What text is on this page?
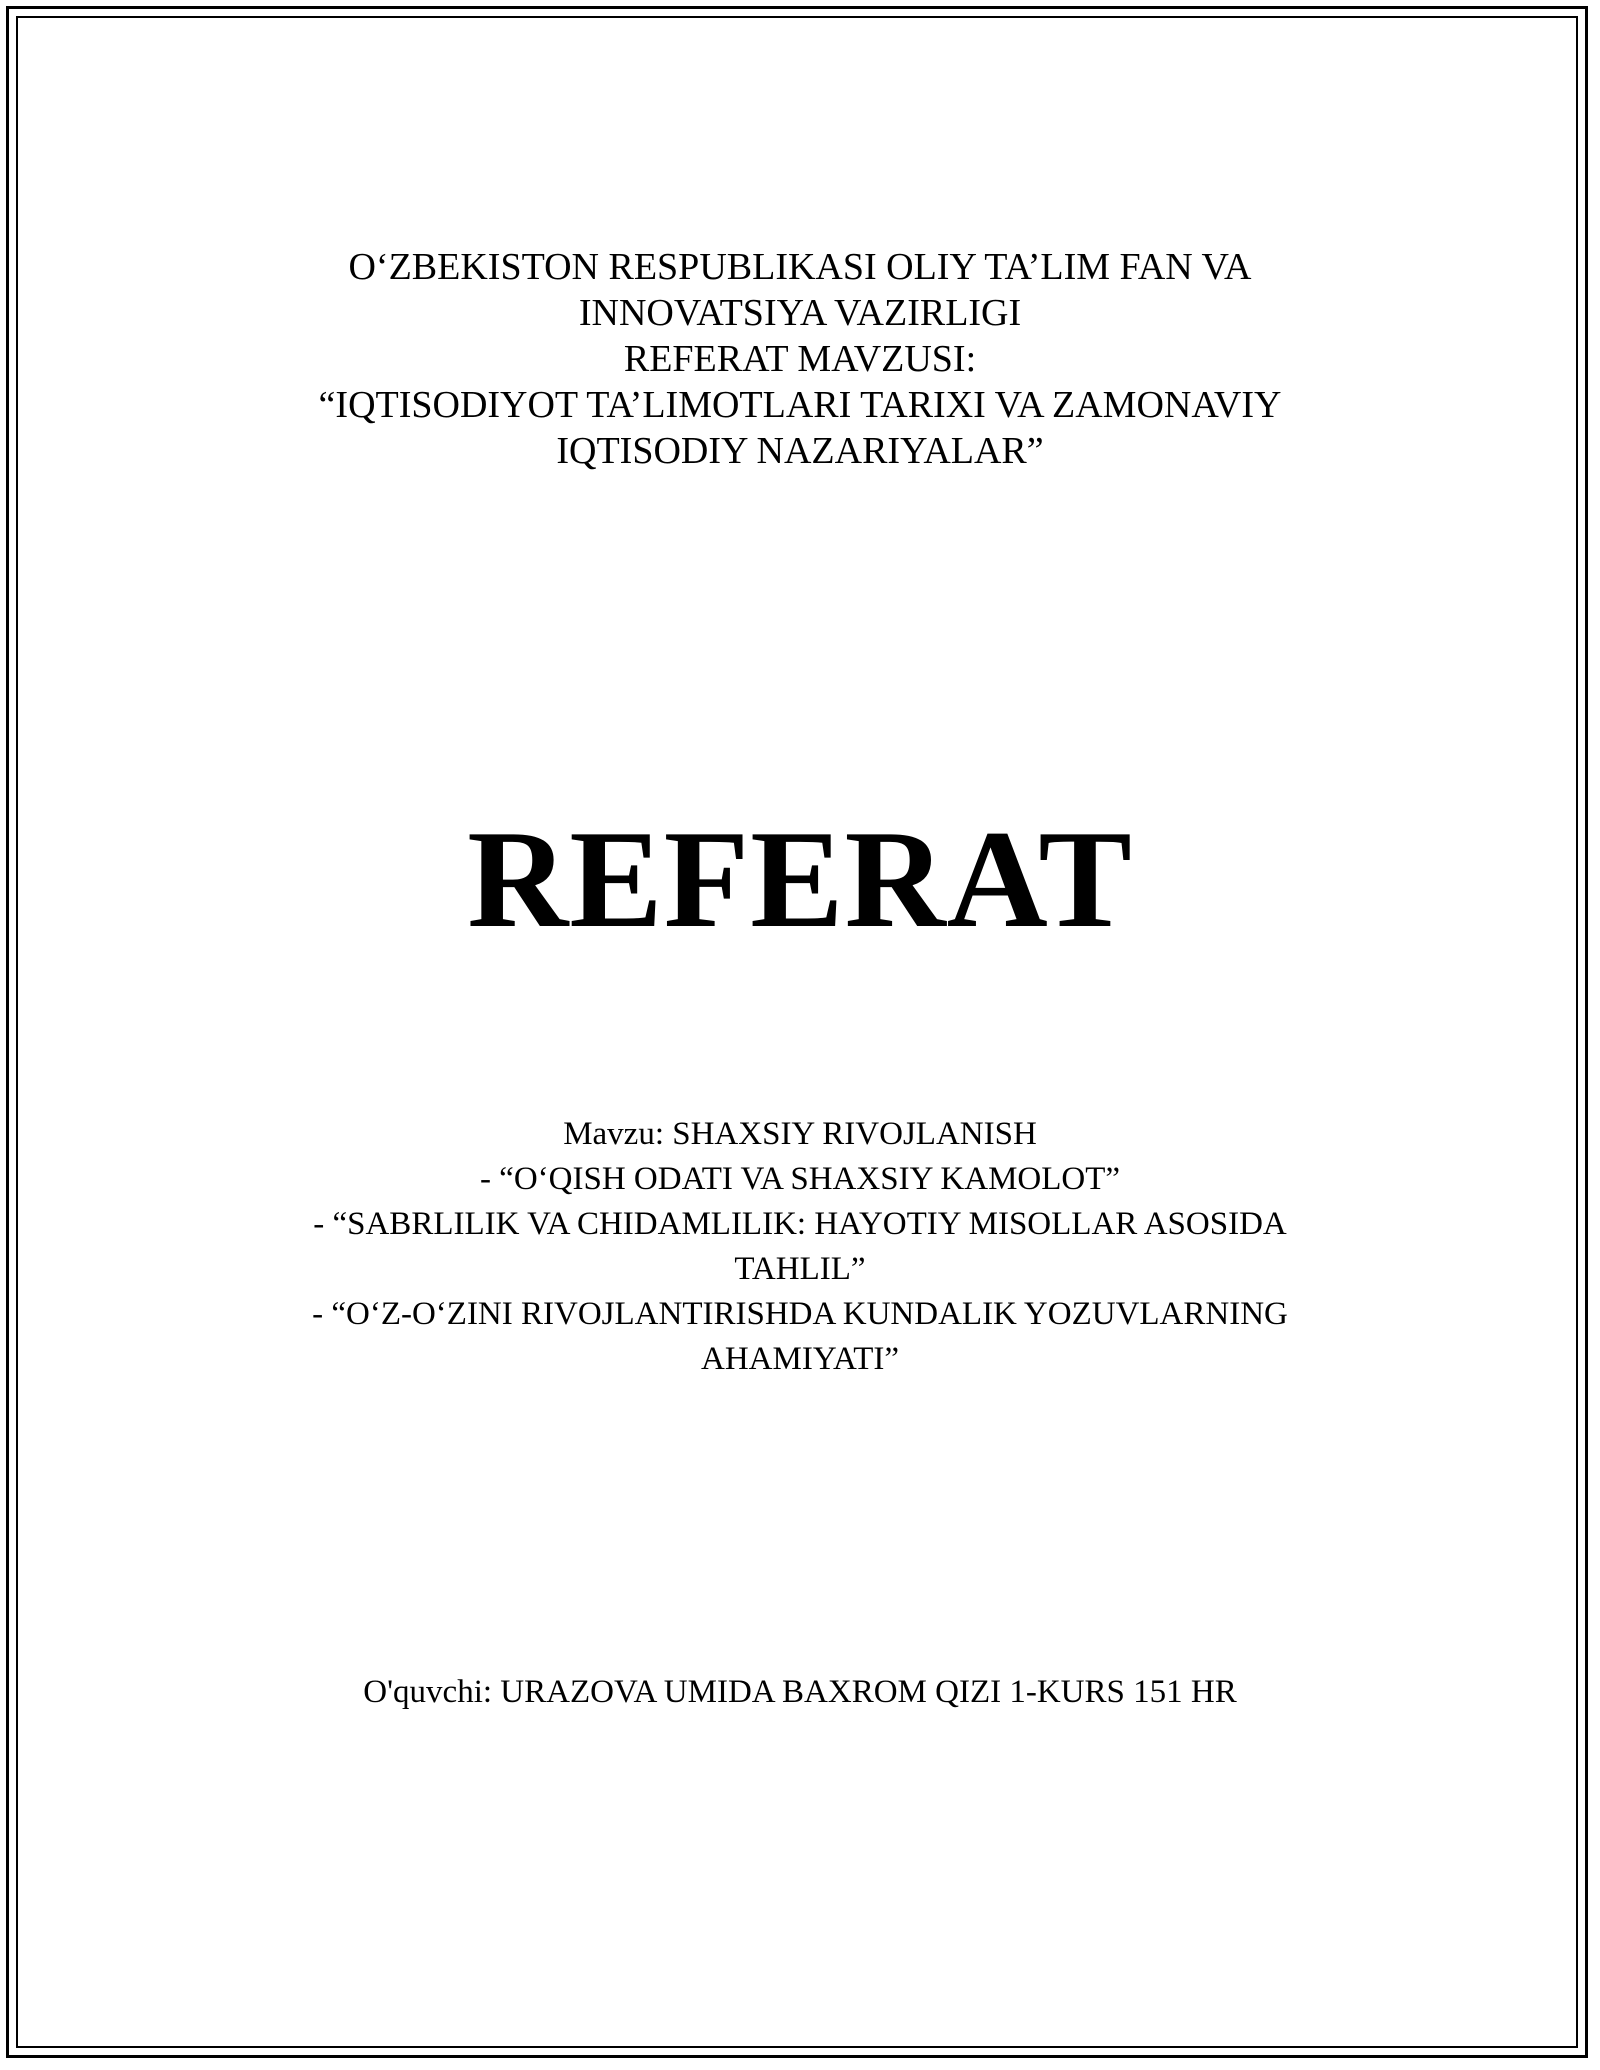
O‘ZBEKISTON RESPUBLIKASI OLIY TA’LIM FAN VA
INNOVATSIYA VAZIRLIGI
REFERAT MAVZUSI:
“IQTISODIYOT TA’LIMOTLARI TARIXI VA ZAMONAVIY
IQTISODIY NAZARIYALAR”
REFERAT
Mavzu: SHAXSIY RIVOJLANISH
- “O‘QISH ODATI VA SHAXSIY KAMOLOT”
- “SABRLILIK VA CHIDAMLILIK: HAYOTIY MISOLLAR ASOSIDA
TAHLIL”
- “O‘Z-O‘ZINI RIVOJLANTIRISHDA KUNDALIK YOZUVLARNING
AHAMIYATI”
O'quvchi: URAZOVA UMIDA BAXROM QIZI 1-KURS 151 HR
